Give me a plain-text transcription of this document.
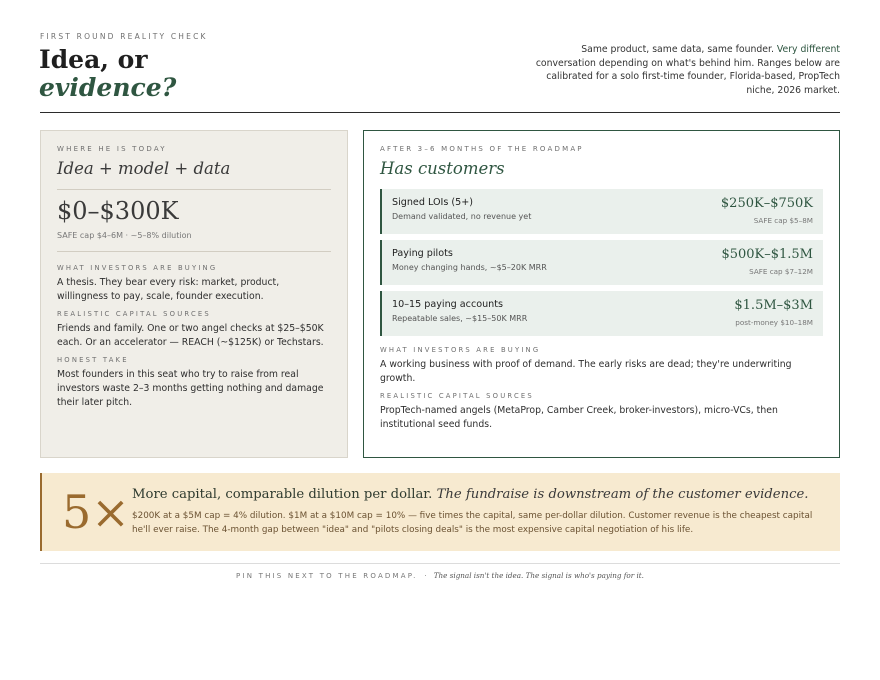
FIRST ROUND REALITY CHECK
Idea, or
evidence?

Same product, same data, same founder. Very different conversation depending on what's behind him. Ranges below are calibrated for a solo first-time founder, Florida-based, PropTech niche, 2026 market.

WHERE HE IS TODAY
Idea + model + data
$0–$300K
SAFE cap $4–6M · ~5–8% dilution
WHAT INVESTORS ARE BUYING
A thesis. They bear every risk: market, product, willingness to pay, scale, founder execution.
REALISTIC CAPITAL SOURCES
Friends and family. One or two angel checks at $25–$50K each. Or an accelerator — REACH (~$125K) or Techstars.
HONEST TAKE
Most founders in this seat who try to raise from real investors waste 2–3 months getting nothing and damage their later pitch.
AFTER 3–6 MONTHS OF THE ROADMAP
Has customers
Signed LOIs (5+)
Demand validated, no revenue yet
$250K–$750K
SAFE cap $5–8M
Paying pilots
Money changing hands, ~$5–20K MRR
$500K–$1.5M
SAFE cap $7–12M
10–15 paying accounts
Repeatable sales, ~$15–50K MRR
$1.5M–$3M
post-money $10–18M
WHAT INVESTORS ARE BUYING
A working business with proof of demand. The early risks are dead; they're underwriting growth.
REALISTIC CAPITAL SOURCES
PropTech-named angels (MetaProp, Camber Creek, broker-investors), micro-VCs, then institutional seed funds.
5× More capital, comparable dilution per dollar. The fundraise is downstream of the customer evidence.
$200K at a $5M cap = 4% dilution. $1M at a $10M cap = 10% — five times the capital, same per-dollar dilution. Customer revenue is the cheapest capital he'll ever raise. The 4-month gap between "idea" and "pilots closing deals" is the most expensive capital negotiation of his life.
PIN THIS NEXT TO THE ROADMAP. · The signal isn't the idea. The signal is who's paying for it.
